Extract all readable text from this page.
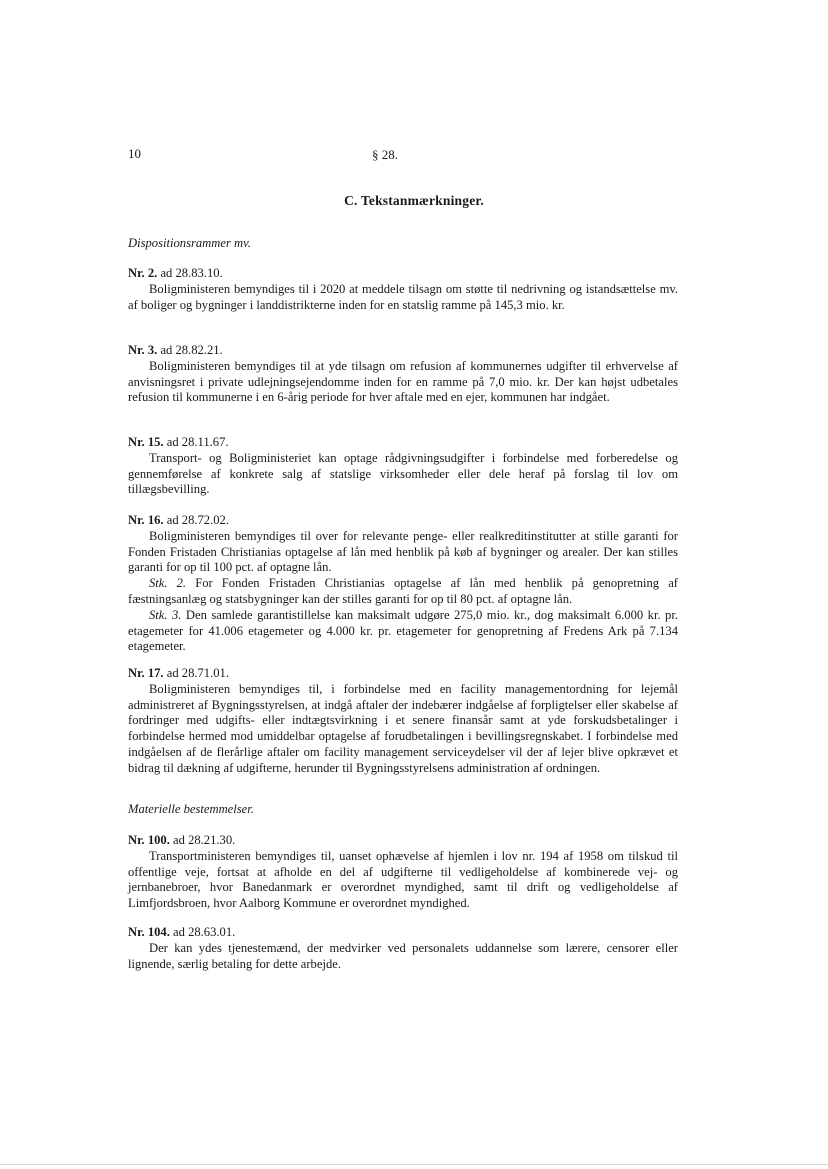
10	§ 28.
C. Tekstanmærkninger.
Dispositionsrammer mv.

Nr. 2. ad 28.83.10.

Boligministeren bemyndiges til i 2020 at meddele tilsagn om støtte til nedrivning og istandsættelse mv. af boliger og bygninger i landdistrikterne inden for en statslig ramme på 145,3 mio. kr.

Nr. 3. ad 28.82.21.

Boligministeren bemyndiges til at yde tilsagn om refusion af kommunernes udgifter til erhvervelse af anvisningsret i private udlejningsejendomme inden for en ramme på 7,0 mio. kr. Der kan højst udbetales refusion til kommunerne i en 6-årig periode for hver aftale med en ejer, kommunen har indgået.

Nr. 15. ad 28.11.67.

Transport- og Boligministeriet kan optage rådgivningsudgifter i forbindelse med forberedelse og gennemførelse af konkrete salg af statslige virksomheder eller dele heraf på forslag til lov om tillægsbevilling.

Nr. 16. ad 28.72.02.

Boligministeren bemyndiges til over for relevante penge- eller realkreditinstitutter at stille garanti for Fonden Fristaden Christianias optagelse af lån med henblik på køb af bygninger og arealer. Der kan stilles garanti for op til 100 pct. af optagne lån.

Stk. 2. For Fonden Fristaden Christianias optagelse af lån med henblik på genopretning af fæstningsanlæg og statsbygninger kan der stilles garanti for op til 80 pct. af optagne lån.

Stk. 3. Den samlede garantistillelse kan maksimalt udgøre 275,0 mio. kr., dog maksimalt 6.000 kr. pr. etagemeter for 41.006 etagemeter og 4.000 kr. pr. etagemeter for genopretning af Fredens Ark på 7.134 etagemeter.

Nr. 17. ad 28.71.01.

Boligministeren bemyndiges til, i forbindelse med en facility managementordning for lejemål administreret af Bygningsstyrelsen, at indgå aftaler der indebærer indgåelse af forpligtelser eller skabelse af fordringer med udgifts- eller indtægtsvirkning i et senere finansår samt at yde forskudsbetalinger i forbindelse hermed mod umiddelbar optagelse af forudbetalingen i bevillingsregnskabet. I forbindelse med indgåelsen af de flerårlige aftaler om facility management serviceydelser vil der af lejer blive opkrævet et bidrag til dækning af udgifterne, herunder til Bygningsstyrelsens administration af ordningen.

Materielle bestemmelser.

Nr. 100. ad 28.21.30.

Transportministeren bemyndiges til, uanset ophævelse af hjemlen i lov nr. 194 af 1958 om tilskud til offentlige veje, fortsat at afholde en del af udgifterne til vedligeholdelse af kombinerede vej- og jernbanebroer, hvor Banedanmark er overordnet myndighed, samt til drift og vedligeholdelse af Limfjordsbroen, hvor Aalborg Kommune er overordnet myndighed.

Nr. 104. ad 28.63.01.

Der kan ydes tjenestemænd, der medvirker ved personalets uddannelse som lærere, censorer eller lignende, særlig betaling for dette arbejde.
